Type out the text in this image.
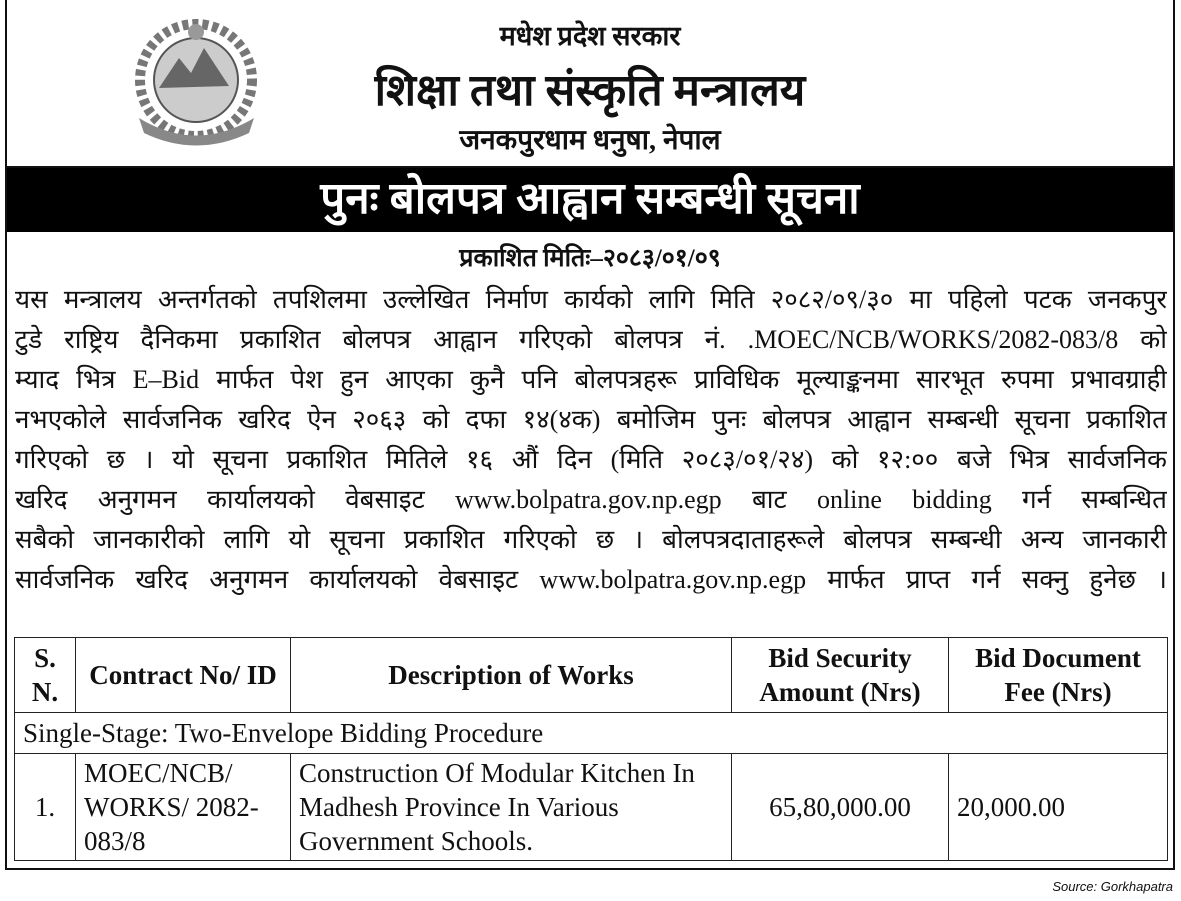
मधेश प्रदेश सरकार
शिक्षा तथा संस्कृति मन्त्रालय
जनकपुरधाम धनुषा, नेपाल
पुनः बोलपत्र आह्वान सम्बन्धी सूचना
प्रकाशित मितिः–२०८३/०१/०९
यस मन्त्रालय अन्तर्गतको तपशिलमा उल्लेखित निर्माण कार्यको लागि मिति २०८२/०९/३० मा पहिलो पटक जनकपुर
टुडे राष्ट्रिय दैनिकमा प्रकाशित बोलपत्र आह्वान गरिएको बोलपत्र नं. .MOEC/NCB/WORKS/2082-083/8 को
म्याद भित्र E–Bid मार्फत पेश हुन आएका कुनै पनि बोलपत्रहरू प्राविधिक मूल्याङ्कनमा सारभूत रुपमा प्रभावग्राही
नभएकोले सार्वजनिक खरिद ऐन २०६३ को दफा १४(४क) बमोजिम पुनः बोलपत्र आह्वान सम्बन्धी सूचना प्रकाशित
गरिएको छ । यो सूचना प्रकाशित मितिले १६ औं दिन (मिति २०८३/०१/२४) को १२:०० बजे भित्र सार्वजनिक
खरिद अनुगमन कार्यालयको वेबसाइट www.bolpatra.gov.np.egp बाट online bidding गर्न सम्बन्धित
सबैको जानकारीको लागि यो सूचना प्रकाशित गरिएको छ । बोलपत्रदाताहरूले बोलपत्र सम्बन्धी अन्य जानकारी
सार्वजनिक खरिद अनुगमन कार्यालयको वेबसाइट www.bolpatra.gov.np.egp मार्फत प्राप्त गर्न सक्नु हुनेछ ।
S. N.	Contract No/ ID	Description of Works	Bid Security Amount (Nrs)	Bid Document Fee (Nrs)
Single-Stage: Two-Envelope Bidding Procedure				
1.	MOEC/NCB/ WORKS/ 2082-083/8	Construction Of Modular Kitchen In Madhesh Province In Various Government Schools.	65,80,000.00	20,000.00
Source: Gorkhapatra
